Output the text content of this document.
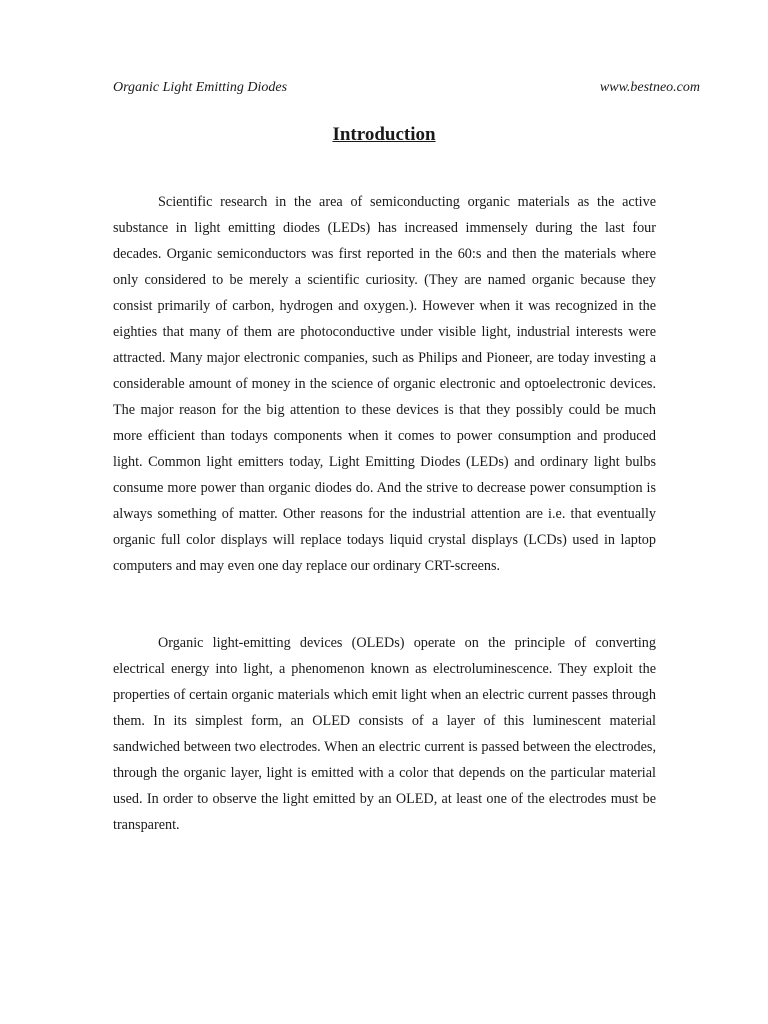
Organic Light Emitting Diodes	www.bestneo.com
Introduction

Scientific research in the area of semiconducting organic materials as the active substance in light emitting diodes (LEDs) has increased immensely during the last four decades. Organic semiconductors was first reported in the 60:s and then the materials where only considered to be merely a scientific curiosity. (They are named organic because they consist primarily of carbon, hydrogen and oxygen.). However when it was recognized in the eighties that many of them are photoconductive under visible light, industrial interests were attracted. Many major electronic companies, such as Philips and Pioneer, are today investing a considerable amount of money in the science of organic electronic and optoelectronic devices. The major reason for the big attention to these devices is that they possibly could be much more efficient than todays components when it comes to power consumption and produced light. Common light emitters today, Light Emitting Diodes (LEDs) and ordinary light bulbs consume more power than organic diodes do. And the strive to decrease power consumption is always something of matter. Other reasons for the industrial attention are i.e. that eventually organic full color displays will replace todays liquid crystal displays (LCDs) used in laptop computers and may even one day replace our ordinary CRT-screens.

Organic light-emitting devices (OLEDs) operate on the principle of converting electrical energy into light, a phenomenon known as electroluminescence. They exploit the properties of certain organic materials which emit light when an electric current passes through them. In its simplest form, an OLED consists of a layer of this luminescent material sandwiched between two electrodes. When an electric current is passed between the electrodes, through the organic layer, light is emitted with a color that depends on the particular material used. In order to observe the light emitted by an OLED, at least one of the electrodes must be transparent.
